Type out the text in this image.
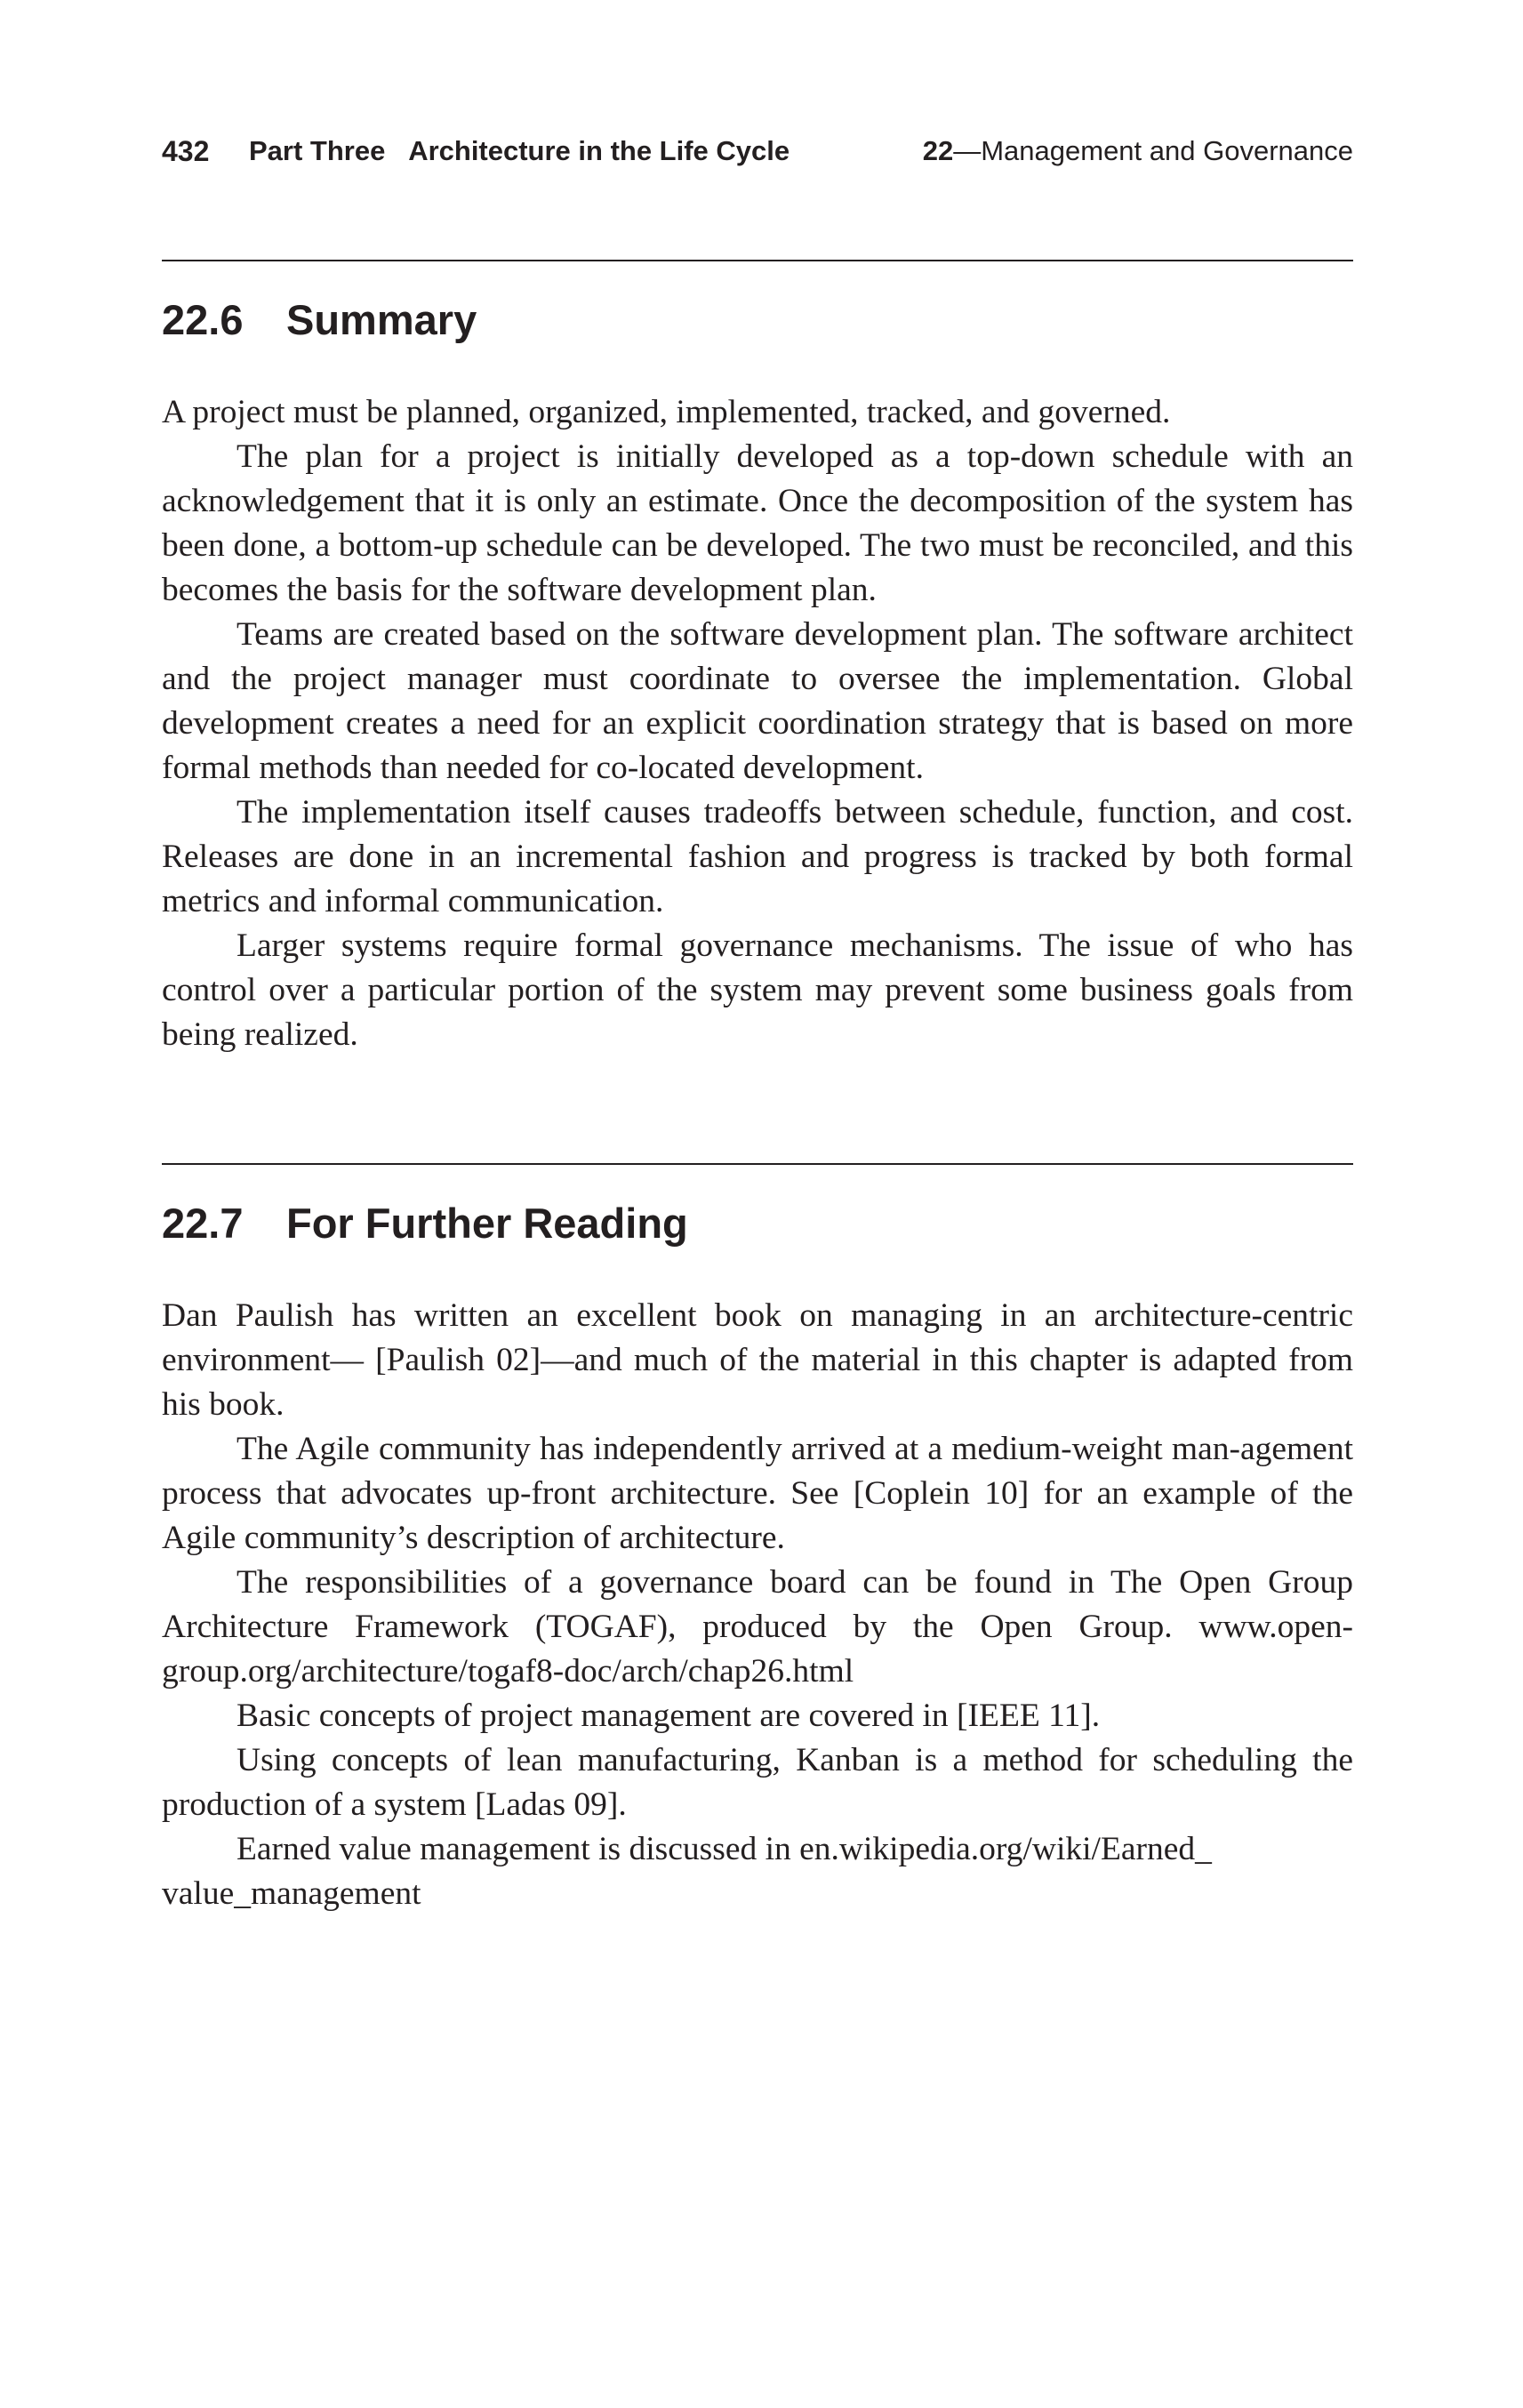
432 Part Three Architecture in the Life Cycle	22—Management and Governance
22.6 Summary

A project must be planned, organized, implemented, tracked, and governed.

The plan for a project is initially developed as a top-down schedule with an acknowledgement that it is only an estimate. Once the decomposition of the system has been done, a bottom-up schedule can be developed. The two must be reconciled, and this becomes the basis for the software development plan.

Teams are created based on the software development plan. The software architect and the project manager must coordinate to oversee the implementation. Global development creates a need for an explicit coordination strategy that is based on more formal methods than needed for co-located development.

The implementation itself causes tradeoffs between schedule, function, and cost. Releases are done in an incremental fashion and progress is tracked by both formal metrics and informal communication.

Larger systems require formal governance mechanisms. The issue of who has control over a particular portion of the system may prevent some business goals from being realized.

22.7 For Further Reading

Dan Paulish has written an excellent book on managing in an architecture-centric environment— [Paulish 02]—and much of the material in this chapter is adapted from his book.

The Agile community has independently arrived at a medium-weight man-agement process that advocates up-front architecture. See [Coplein 10] for an example of the Agile community’s description of architecture.

The responsibilities of a governance board can be found in The Open Group Architecture Framework (TOGAF), produced by the Open Group. www.open-group.org/architecture/togaf8-doc/arch/chap26.html

Basic concepts of project management are covered in [IEEE 11].

Using concepts of lean manufacturing, Kanban is a method for scheduling the production of a system [Ladas 09].

Earned value management is discussed in en.wikipedia.org/wiki/Earned_ value_management
